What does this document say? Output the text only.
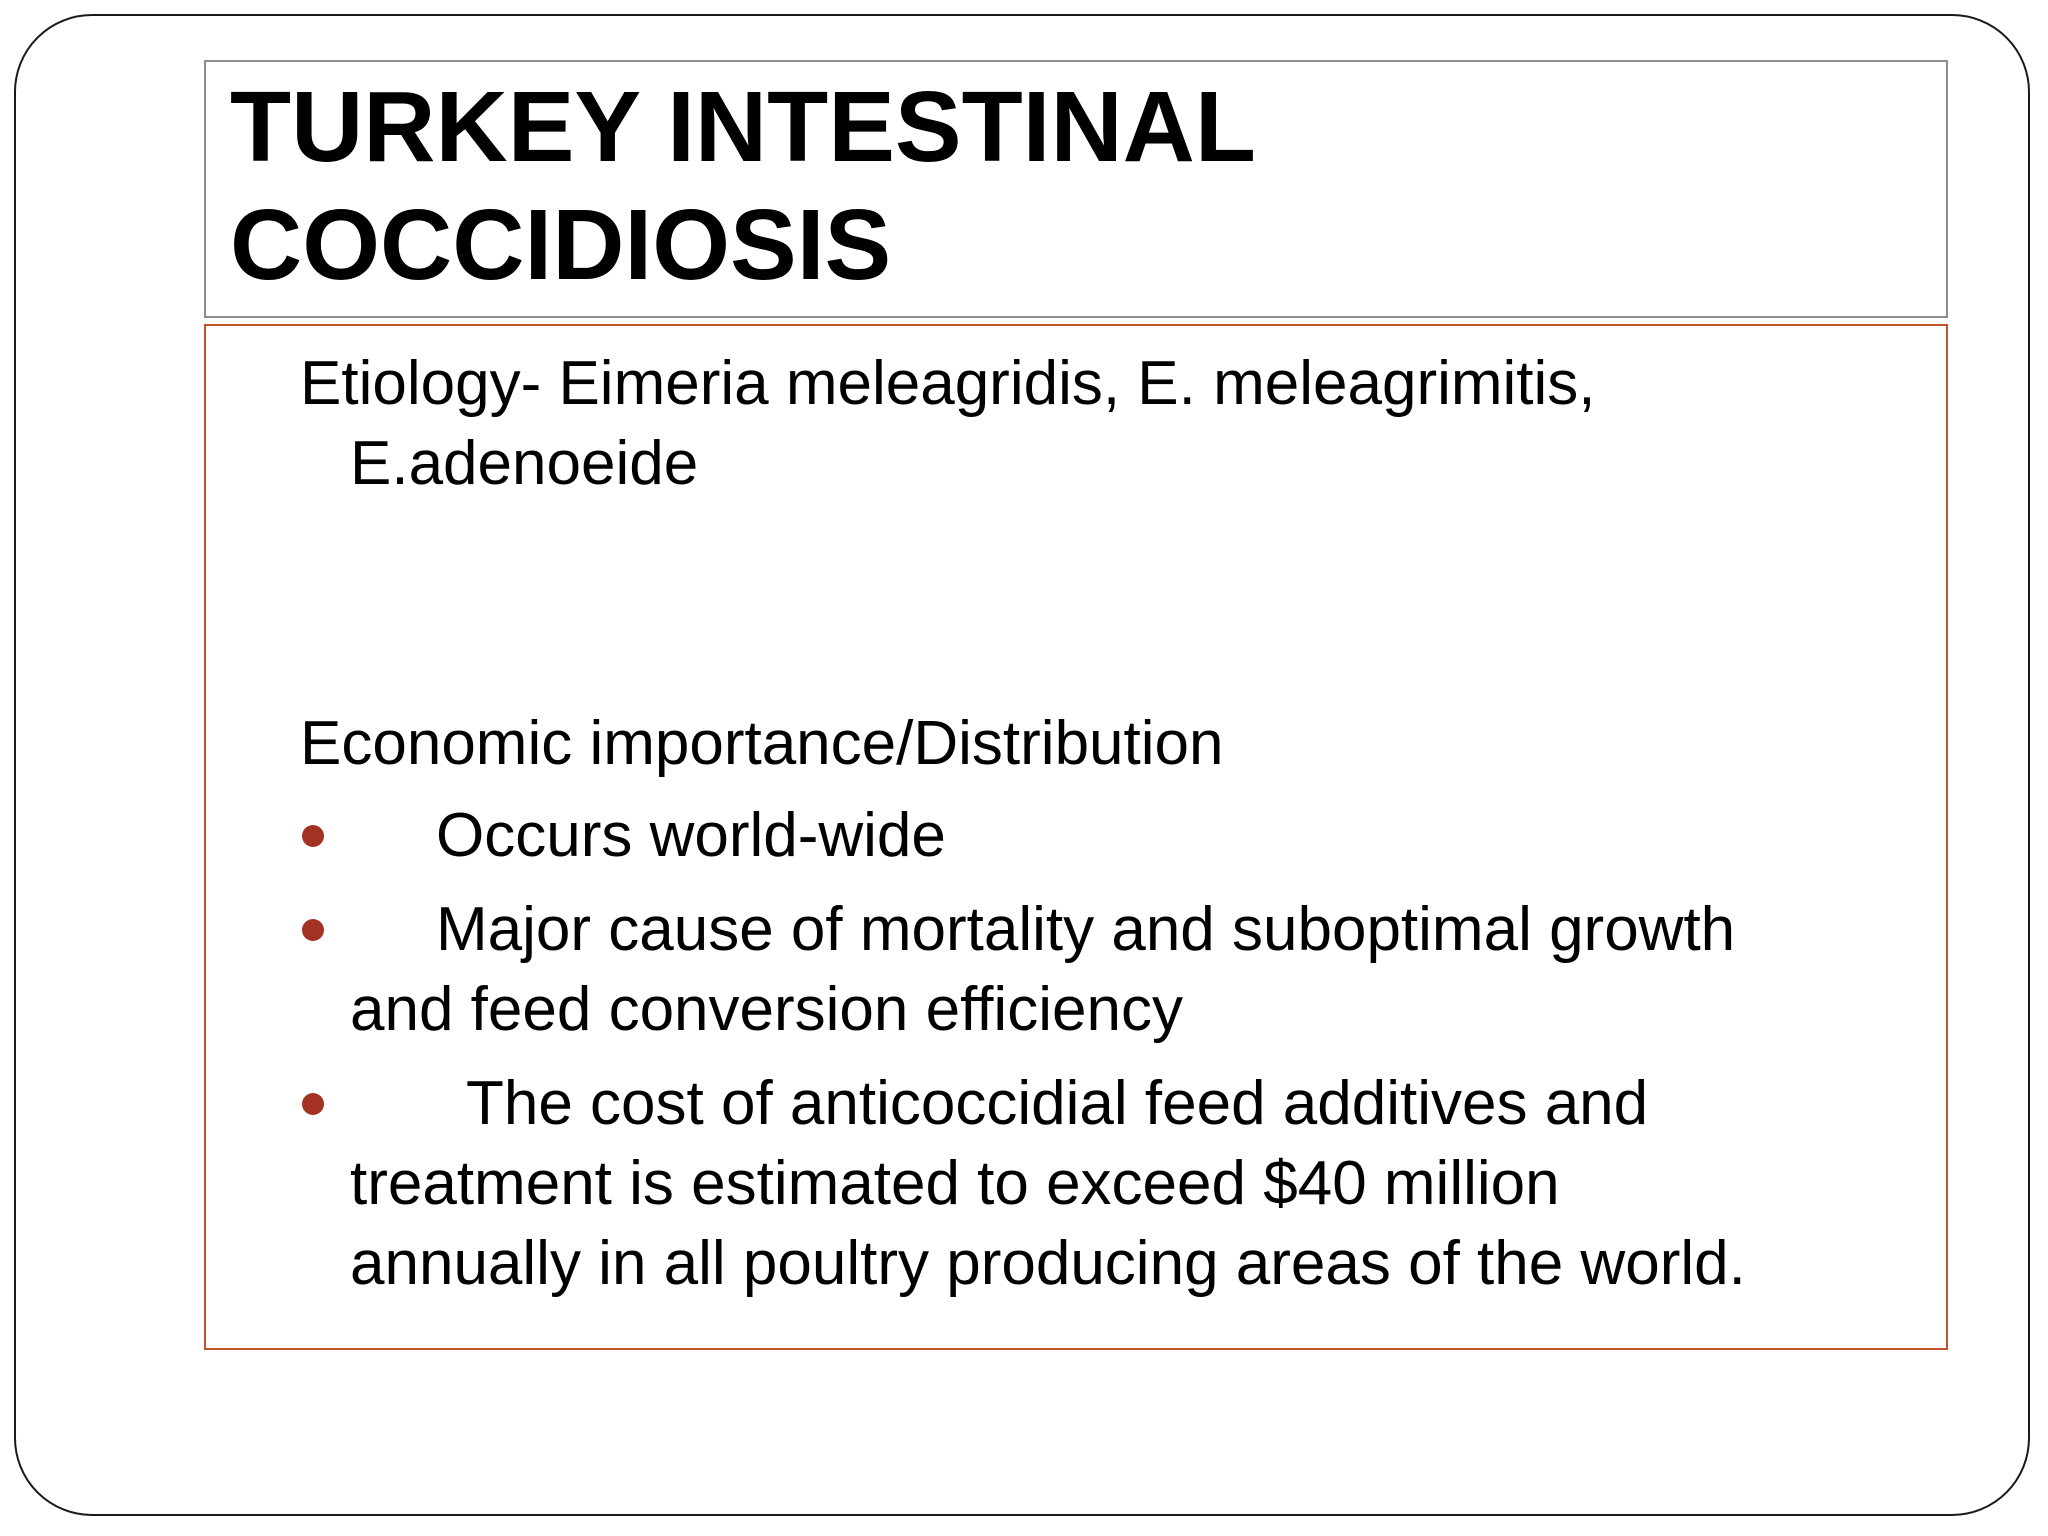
TURKEY INTESTINAL
COCCIDIOSIS
Etiology- Eimeria meleagridis, E. meleagrimitis,
E.adenoeide
Economic importance/Distribution
Occurs world-wide
Major cause of mortality and suboptimal growth
and feed conversion efficiency
The cost of anticoccidial feed additives and
treatment is estimated to exceed $40 million
annually in all poultry producing areas of the world.
